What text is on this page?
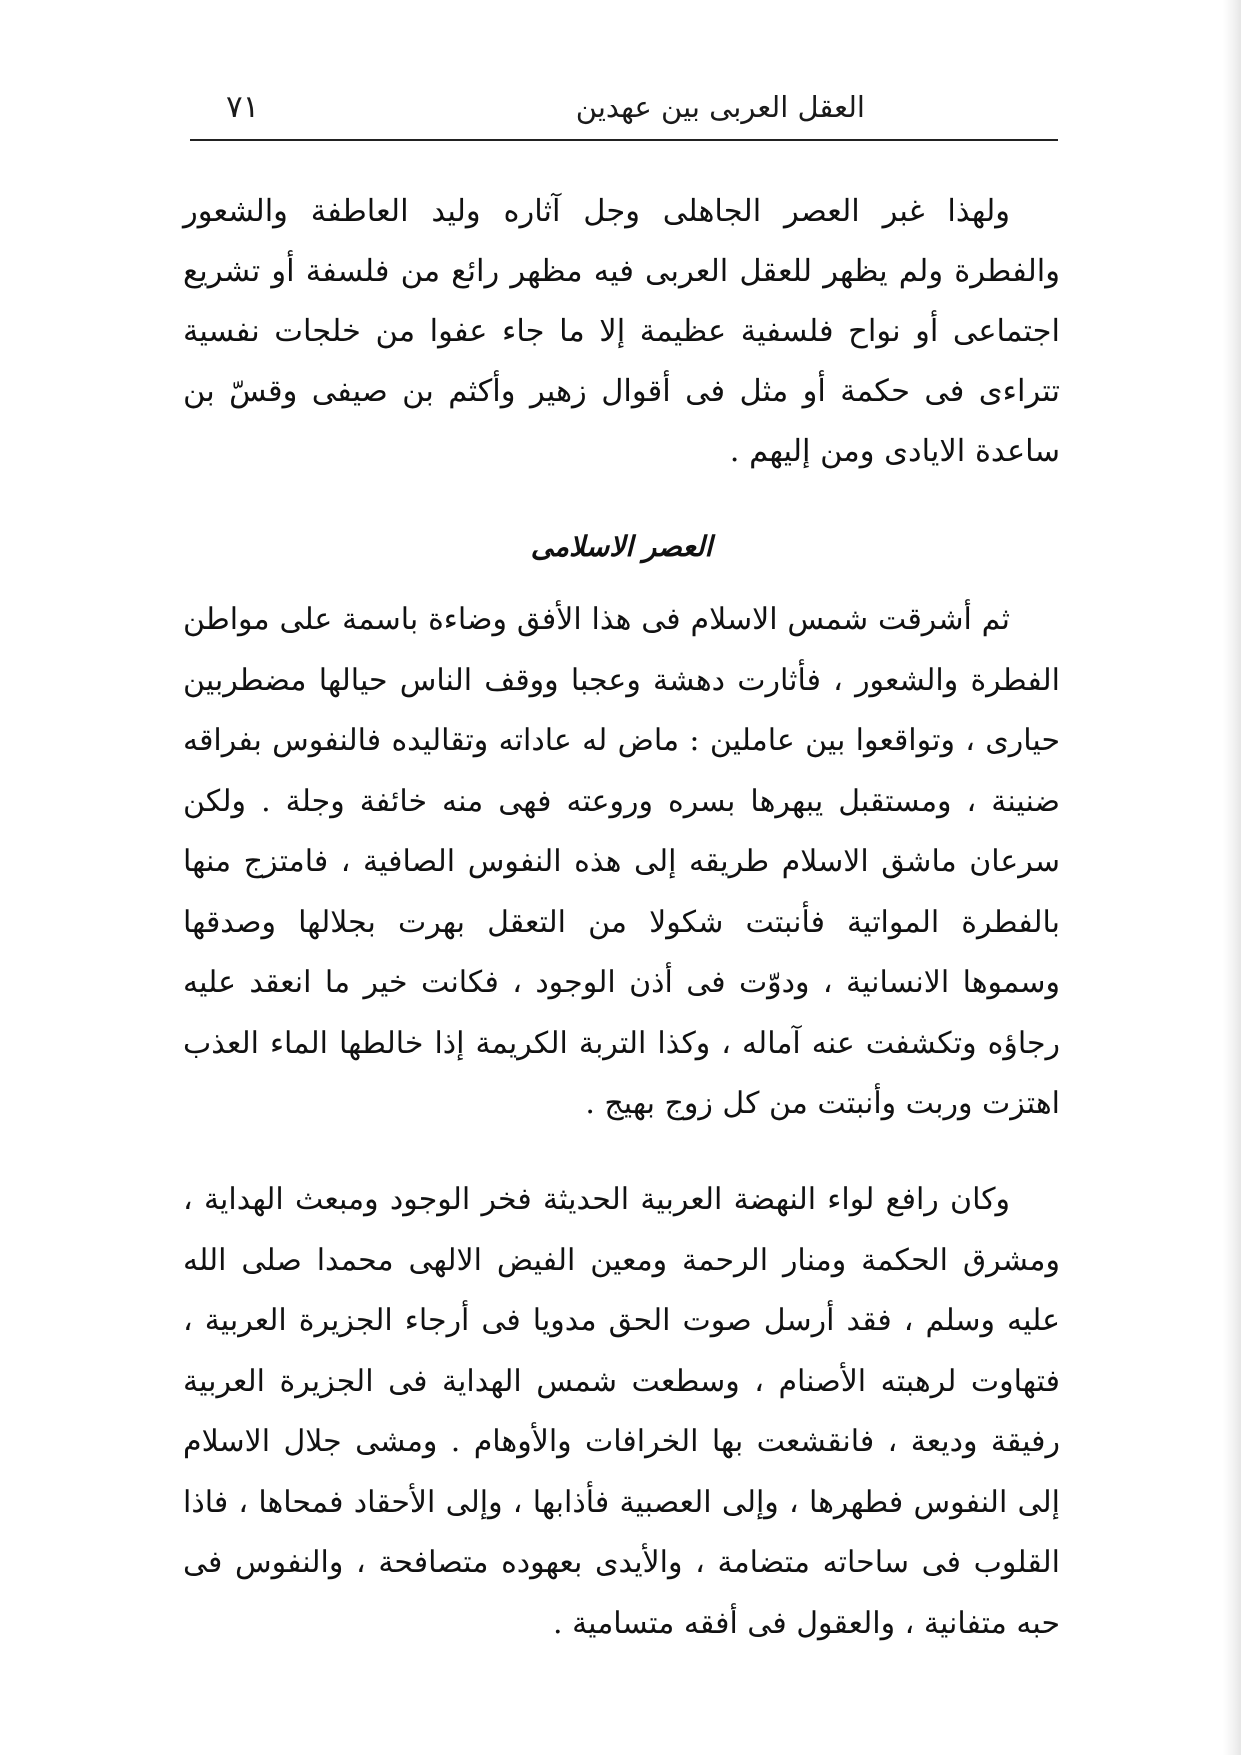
العقل العربى بين عهدين
٧١

ولهذا غبر العصر الجاهلى وجل آثاره وليد العاطفة والشعور والفطرة ولم يظهر للعقل العربى فيه مظهر رائع من فلسفة أو تشريع اجتماعى أو نواح فلسفية عظيمة إلا ما جاء عفوا من خلجات نفسية تتراءى فى حكمة أو مثل فى أقوال زهير وأكثم بن صيفى وقسّ بن ساعدة الايادى ومن إليهم .

العصر الاسلامى

ثم أشرقت شمس الاسلام فى هذا الأفق وضاءة باسمة على مواطن الفطرة والشعور ، فأثارت دهشة وعجبا ووقف الناس حيالها مضطربين حيارى ، وتواقعوا بين عاملين : ماض له عاداته وتقاليده فالنفوس بفراقه ضنينة ، ومستقبل يبهرها بسره وروعته فهى منه خائفة وجلة . ولكن سرعان ماشق الاسلام طريقه إلى هذه النفوس الصافية ، فامتزج منها بالفطرة المواتية فأنبتت شكولا من التعقل بهرت بجلالها وصدقها وسموها الانسانية ، ودوّت فى أذن الوجود ، فكانت خير ما انعقد عليه رجاؤه وتكشفت عنه آماله ، وكذا التربة الكريمة إذا خالطها الماء العذب اهتزت وربت وأنبتت من كل زوج بهيج .

وكان رافع لواء النهضة العربية الحديثة فخر الوجود ومبعث الهداية ، ومشرق الحكمة ومنار الرحمة ومعين الفيض الالهى محمدا صلى الله عليه وسلم ، فقد أرسل صوت الحق مدويا فى أرجاء الجزيرة العربية ، فتهاوت لرهبته الأصنام ، وسطعت شمس الهداية فى الجزيرة العربية رفيقة وديعة ، فانقشعت بها الخرافات والأوهام . ومشى جلال الاسلام إلى النفوس فطهرها ، وإلى العصبية فأذابها ، وإلى الأحقاد فمحاها ، فاذا القلوب فى ساحاته متضامة ، والأيدى بعهوده متصافحة ، والنفوس فى حبه متفانية ، والعقول فى أفقه متسامية .
